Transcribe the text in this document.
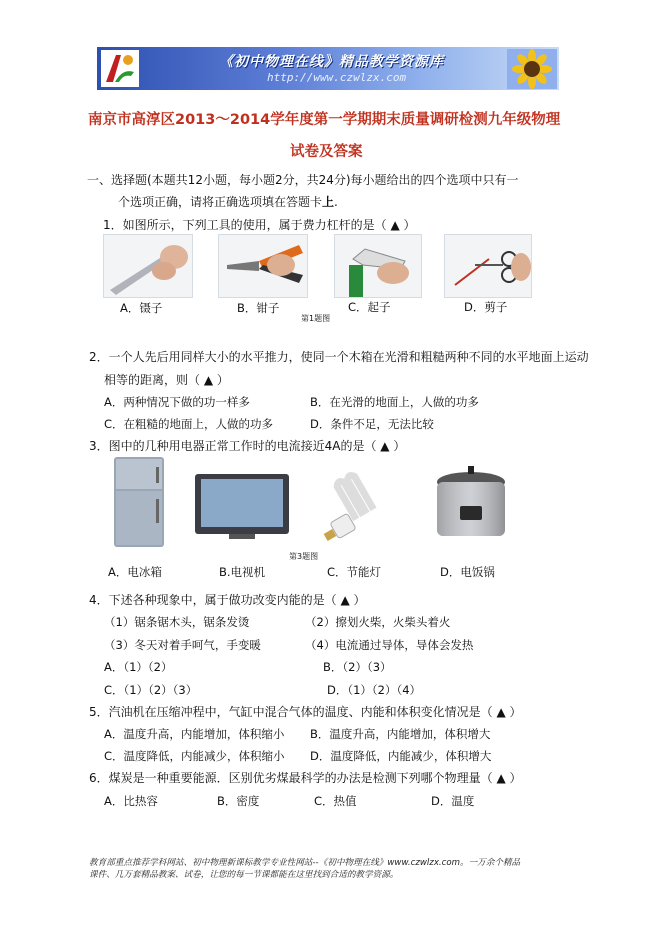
《初中物理在线》精品教学资源库
http://www.czwlzx.com
南京市高淳区2013～2014学年度第一学期期末质量调研检测九年级物理
试卷及答案
一、选择题(本题共12小题，每小题2分，共24分)每小题给出的四个选项中只有一
个选项正确，请将正确选项填在答题卡上.
1．如图所示，下列工具的使用，属于费力杠杆的是（ ▲ ）
A．镊子	B．钳子	C．起子	D．剪子
第1题图
2．一个人先后用同样大小的水平推力，使同一个木箱在光滑和粗糙两种不同的水平地面上运动
相等的距离，则（ ▲ ）
A．两种情况下做的功一样多	B．在光滑的地面上，人做的功多
C．在粗糙的地面上，人做的功多	D．条件不足，无法比较
3．图中的几种用电器正常工作时的电流接近4A的是（ ▲ ）
第3题图
A．电冰箱	B.电视机	C．节能灯	D．电饭锅
4．下述各种现象中，属于做功改变内能的是（ ▲ ）
（1）锯条锯木头，锯条发烫	（2）擦划火柴，火柴头着火
（3）冬天对着手呵气，手变暖	（4）电流通过导体，导体会发热
A．（1）（2）	B．（2）（3）
C．（1）（2）（3）	D．（1）（2）（4）
5．汽油机在压缩冲程中，气缸中混合气体的温度、内能和体积变化情况是（ ▲ ）
A．温度升高，内能增加，体积缩小 B．温度升高，内能增加，体积增大
C．温度降低，内能减少，体积缩小 D．温度降低，内能减少，体积增大
6．煤炭是一种重要能源．区别优劣煤最科学的办法是检测下列哪个物理量（ ▲ ）
A．比热容	B．密度	C．热值	D．温度
教育部重点推荐学科网站、初中物理新课标教学专业性网站--《初中物理在线》www.czwlzx.com。一万余个精品
课件、几万套精品教案、试卷，让您的每一节课都能在这里找到合适的教学资源。
